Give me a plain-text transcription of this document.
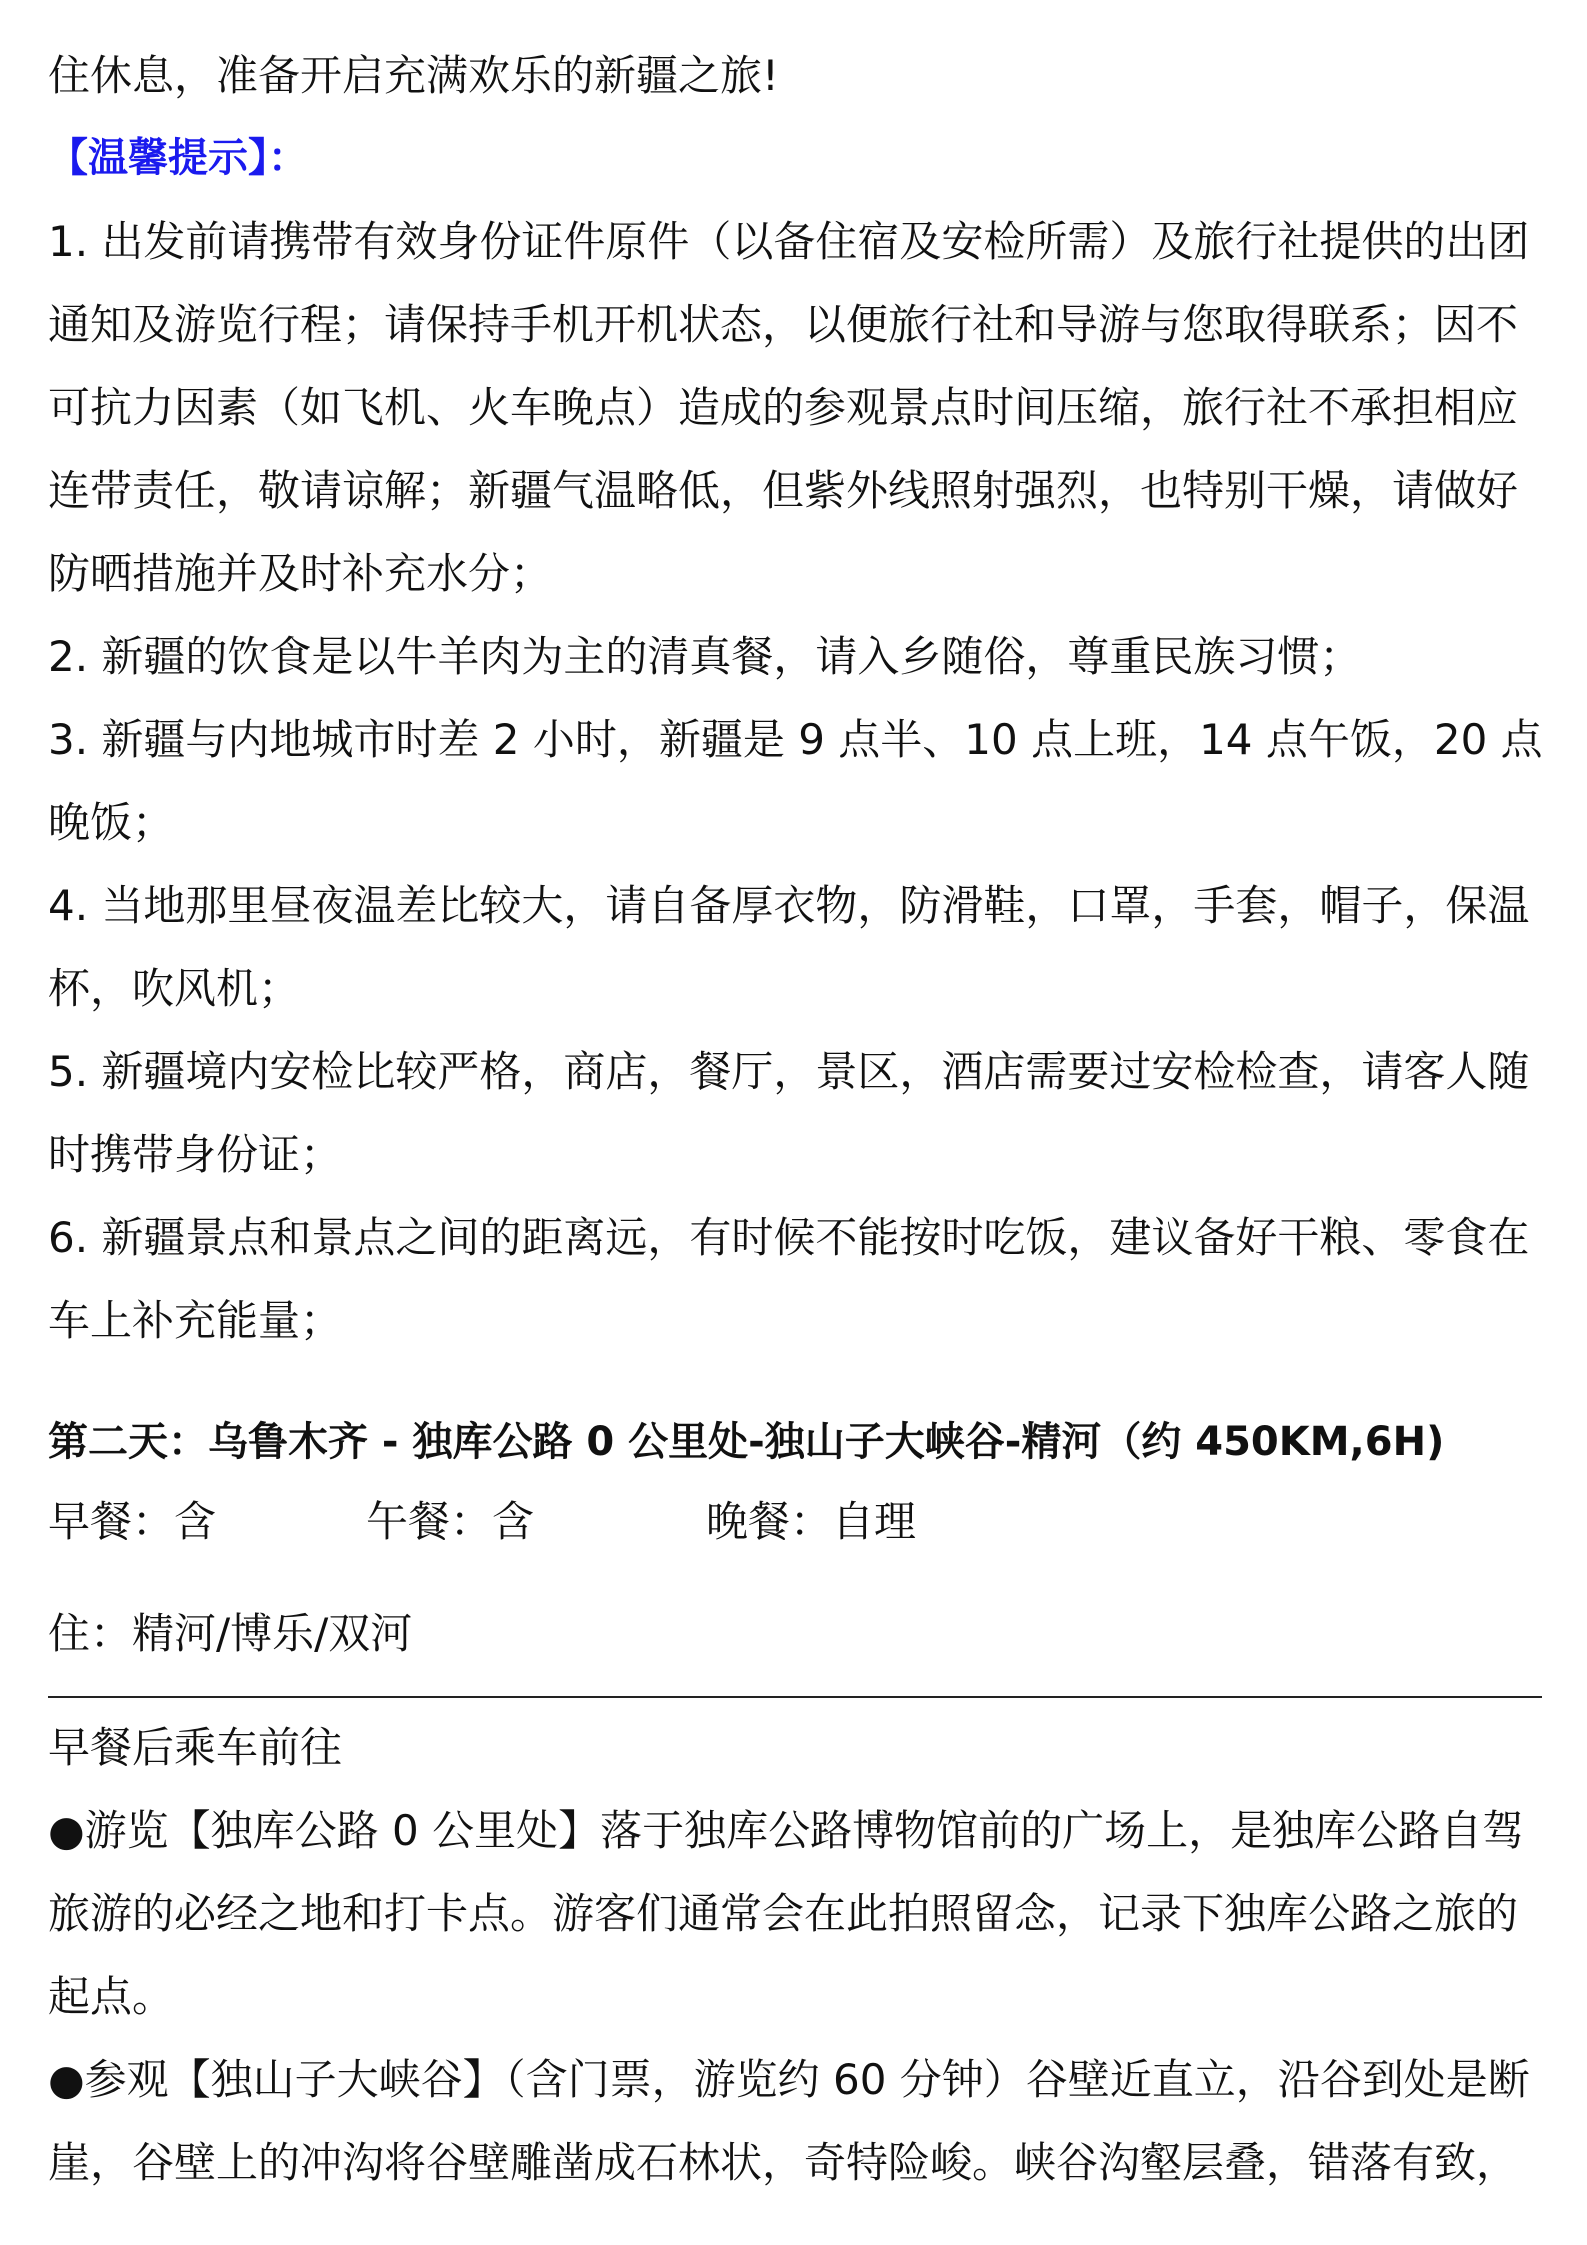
住休息，准备开启充满欢乐的新疆之旅!

【温馨提示】：

1. 出发前请携带有效身份证件原件（以备住宿及安检所需）及旅行社提供的出团
通知及游览行程；请保持手机开机状态，以便旅行社和导游与您取得联系；因不
可抗力因素（如飞机、火车晚点）造成的参观景点时间压缩，旅行社不承担相应
连带责任，敬请谅解；新疆气温略低，但紫外线照射强烈，也特别干燥，请做好
防晒措施并及时补充水分；

2. 新疆的饮食是以牛羊肉为主的清真餐，请入乡随俗，尊重民族习惯；

3. 新疆与内地城市时差 2 小时，新疆是 9 点半、10 点上班，14 点午饭，20 点
晚饭；

4. 当地那里昼夜温差比较大，请自备厚衣物，防滑鞋，口罩，手套，帽子，保温
杯，吹风机；

5. 新疆境内安检比较严格，商店，餐厅，景区，酒店需要过安检检查，请客人随
时携带身份证；

6. 新疆景点和景点之间的距离远，有时候不能按时吃饭，建议备好干粮、零食在
车上补充能量；

第二天：乌鲁木齐 - 独库公路 0 公里处-独山子大峡谷-精河（约 450KM,6H)
早餐：含	午餐：含	晚餐：自理
住：精河/博乐/双河

早餐后乘车前往

●游览【独库公路 0 公里处】落于独库公路博物馆前的广场上，是独库公路自驾
旅游的必经之地和打卡点。游客们通常会在此拍照留念，记录下独库公路之旅的
起点。

●参观【独山子大峡谷】（含门票，游览约 60 分钟）谷壁近直立，沿谷到处是断
崖，谷壁上的冲沟将谷壁雕凿成石林状，奇特险峻。峡谷沟壑层叠，错落有致，
